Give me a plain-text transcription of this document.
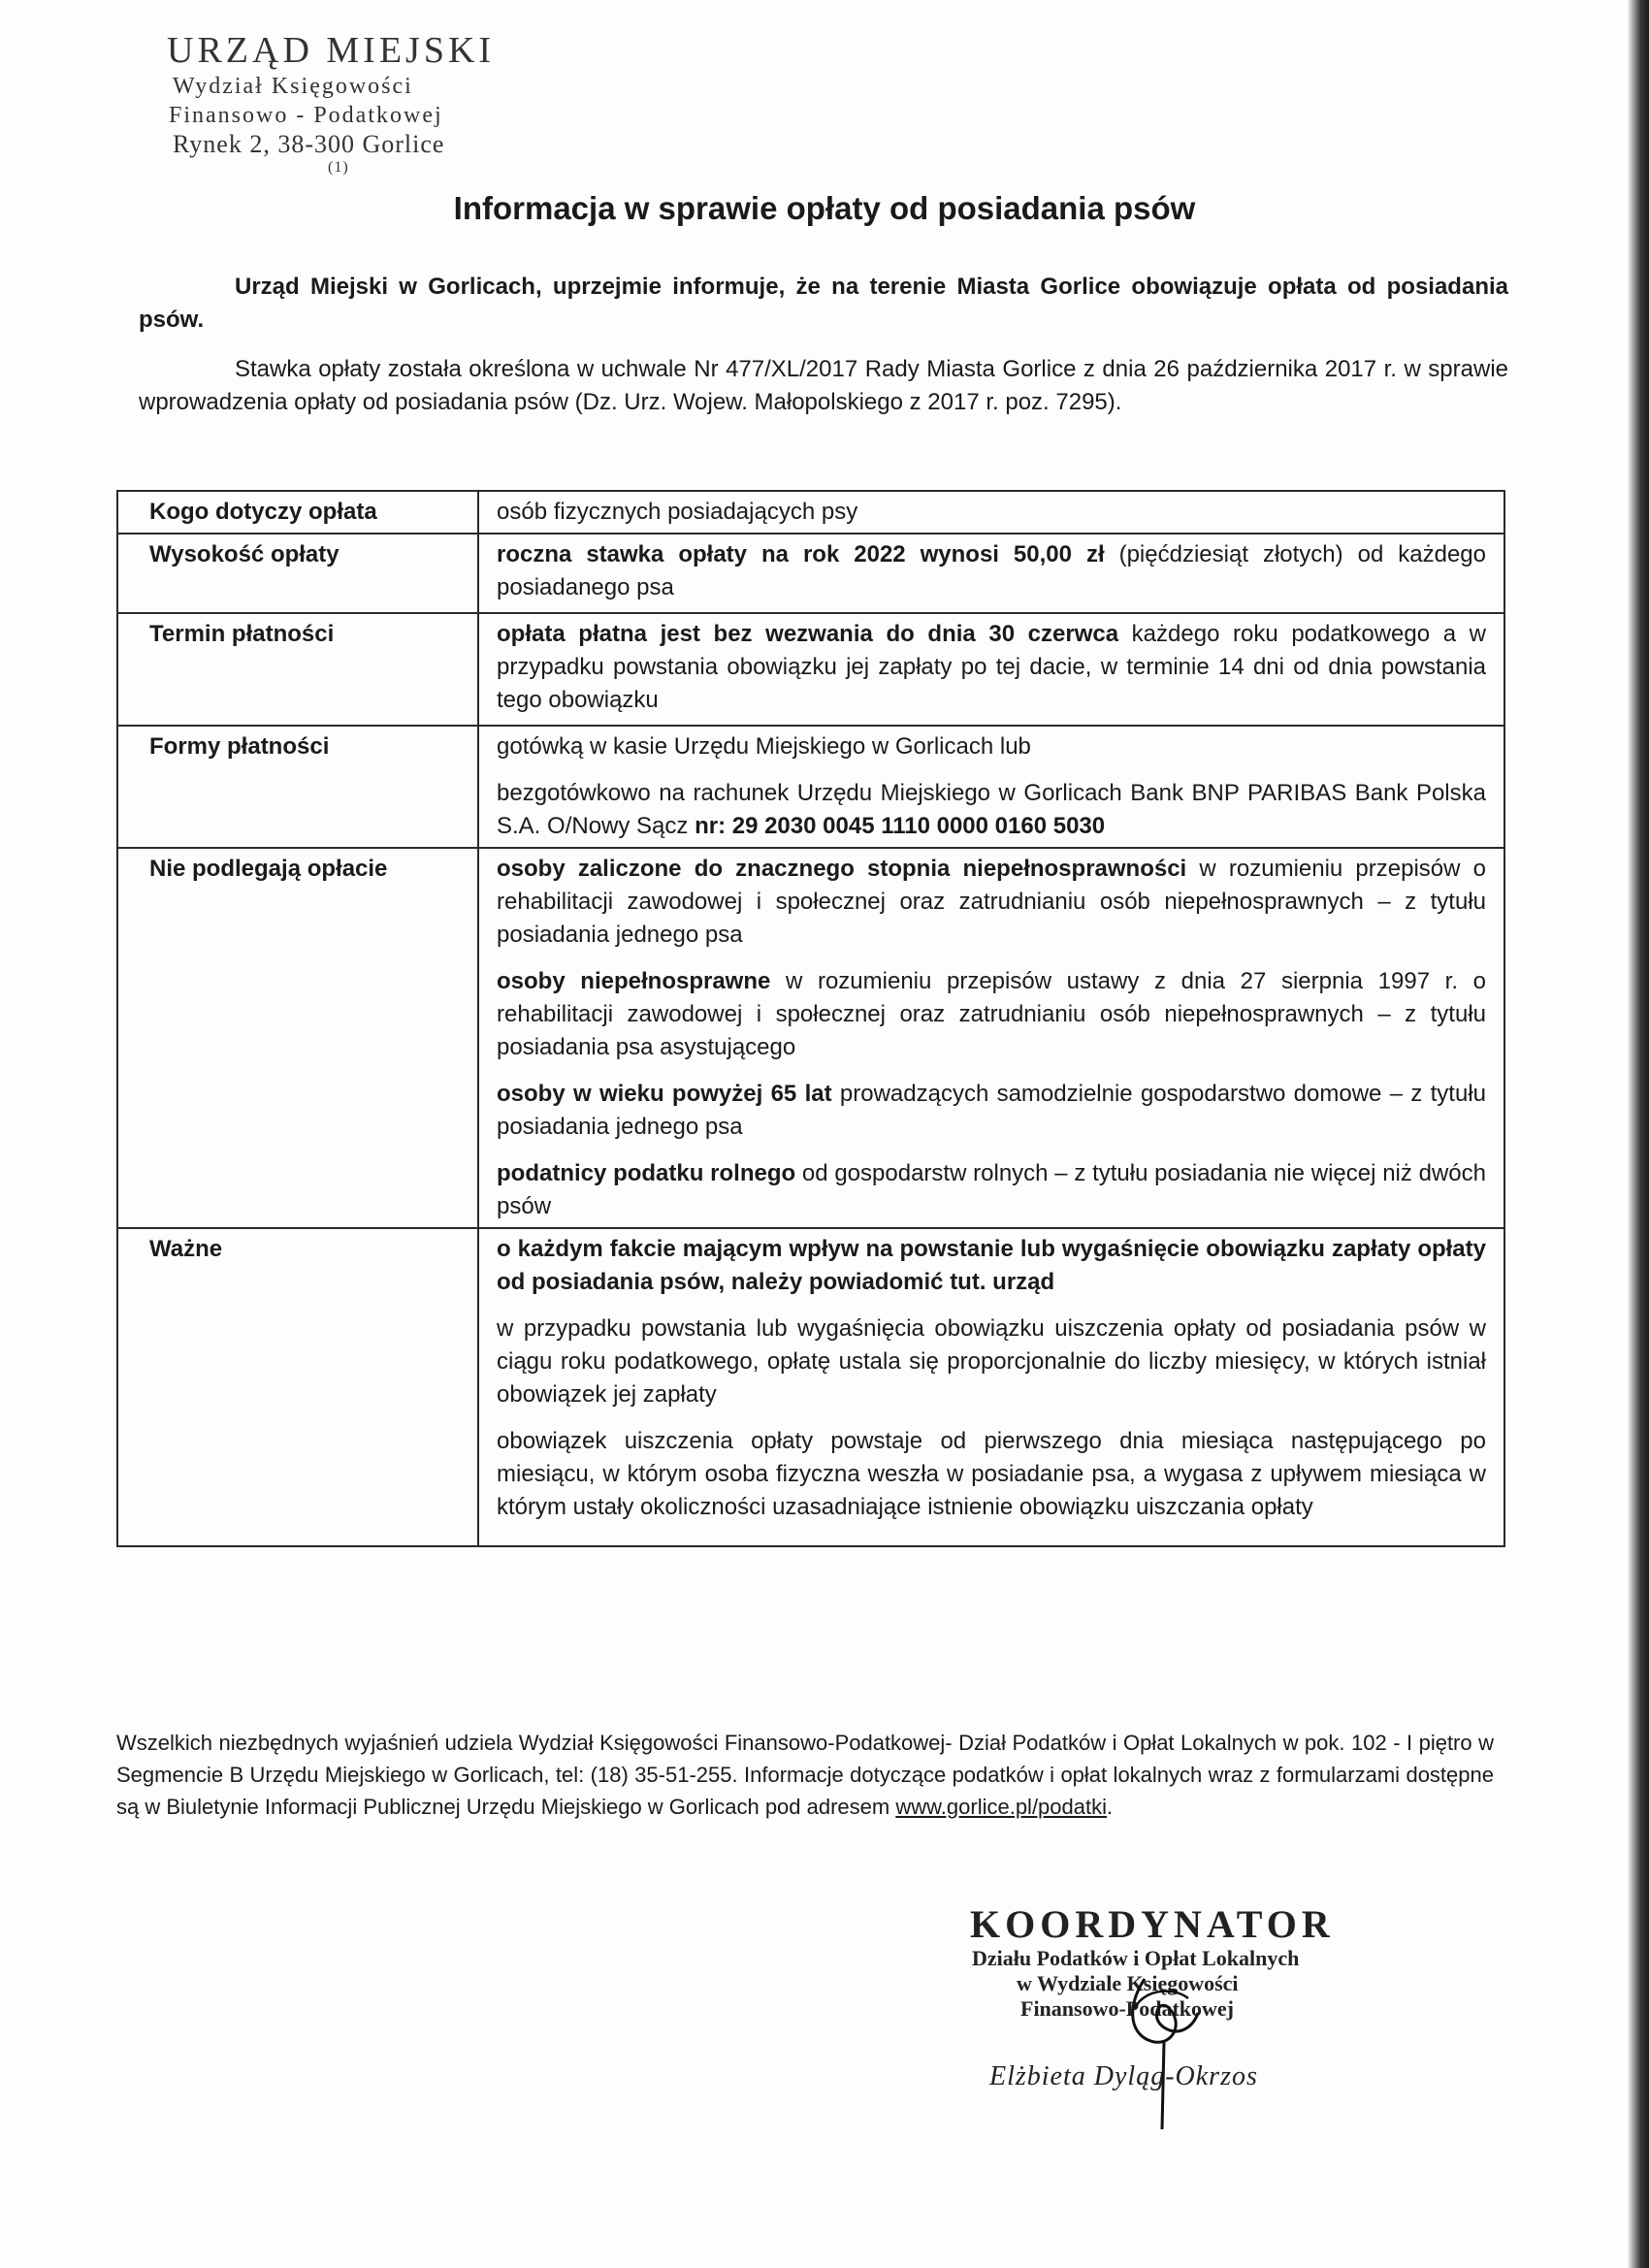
URZĄD MIEJSKI
Wydział Księgowości
Finansowo - Podatkowej
Rynek 2, 38-300 Gorlice
(1)
Informacja w sprawie opłaty od posiadania psów
Urząd Miejski w Gorlicach, uprzejmie informuje, że na terenie Miasta Gorlice obowiązuje opłata od posiadania psów.
Stawka opłaty została określona w uchwale Nr 477/XL/2017 Rady Miasta Gorlice z dnia 26 października 2017 r. w sprawie wprowadzenia opłaty od posiadania psów (Dz. Urz. Wojew. Małopolskiego z 2017 r. poz. 7295).
Kogo dotyczy opłata	osób fizycznych posiadających psy
Wysokość opłaty	roczna stawka opłaty na rok 2022 wynosi 50,00 zł (pięćdziesiąt złotych) od każdego posiadanego psa
Termin płatności	opłata płatna jest bez wezwania do dnia 30 czerwca każdego roku podatkowego a w przypadku powstania obowiązku jej zapłaty po tej dacie, w terminie 14 dni od dnia powstania tego obowiązku
Formy płatności	gotówką w kasie Urzędu Miejskiego w Gorlicach lub
bezgotówkowo na rachunek Urzędu Miejskiego w Gorlicach Bank BNP PARIBAS Bank Polska S.A. O/Nowy Sącz nr: 29 2030 0045 1110 0000 0160 5030

Nie podlegają opłacie	osoby zaliczone do znacznego stopnia niepełnosprawności w rozumieniu przepisów o rehabilitacji zawodowej i społecznej oraz zatrudnianiu osób niepełnosprawnych – z tytułu posiadania jednego psa
osoby niepełnosprawne w rozumieniu przepisów ustawy z dnia 27 sierpnia 1997 r. o rehabilitacji zawodowej i społecznej oraz zatrudnianiu osób niepełnosprawnych – z tytułu posiadania psa asystującego
osoby w wieku powyżej 65 lat prowadzących samodzielnie gospodarstwo domowe – z tytułu posiadania jednego psa
podatnicy podatku rolnego od gospodarstw rolnych – z tytułu posiadania nie więcej niż dwóch psów

Ważne	o każdym fakcie mającym wpływ na powstanie lub wygaśnięcie obowiązku zapłaty opłaty od posiadania psów, należy powiadomić tut. urząd
w przypadku powstania lub wygaśnięcia obowiązku uiszczenia opłaty od posiadania psów w ciągu roku podatkowego, opłatę ustala się proporcjonalnie do liczby miesięcy, w których istniał obowiązek jej zapłaty
obowiązek uiszczenia opłaty powstaje od pierwszego dnia miesiąca następującego po miesiącu, w którym osoba fizyczna weszła w posiadanie psa, a wygasa z upływem miesiąca w którym ustały okoliczności uzasadniające istnienie obowiązku uiszczania opłaty
Wszelkich niezbędnych wyjaśnień udziela Wydział Księgowości Finansowo-Podatkowej- Dział Podatków i Opłat Lokalnych w pok. 102 - I piętro w Segmencie B Urzędu Miejskiego w Gorlicach, tel: (18) 35-51-255. Informacje dotyczące podatków i opłat lokalnych wraz z formularzami dostępne są w Biuletynie Informacji Publicznej Urzędu Miejskiego w Gorlicach pod adresem www.gorlice.pl/podatki.
KOORDYNATOR
Działu Podatków i Opłat Lokalnych
w Wydziale Księgowości
Finansowo-Podatkowej
Elżbieta Dyląg-Okrzos
